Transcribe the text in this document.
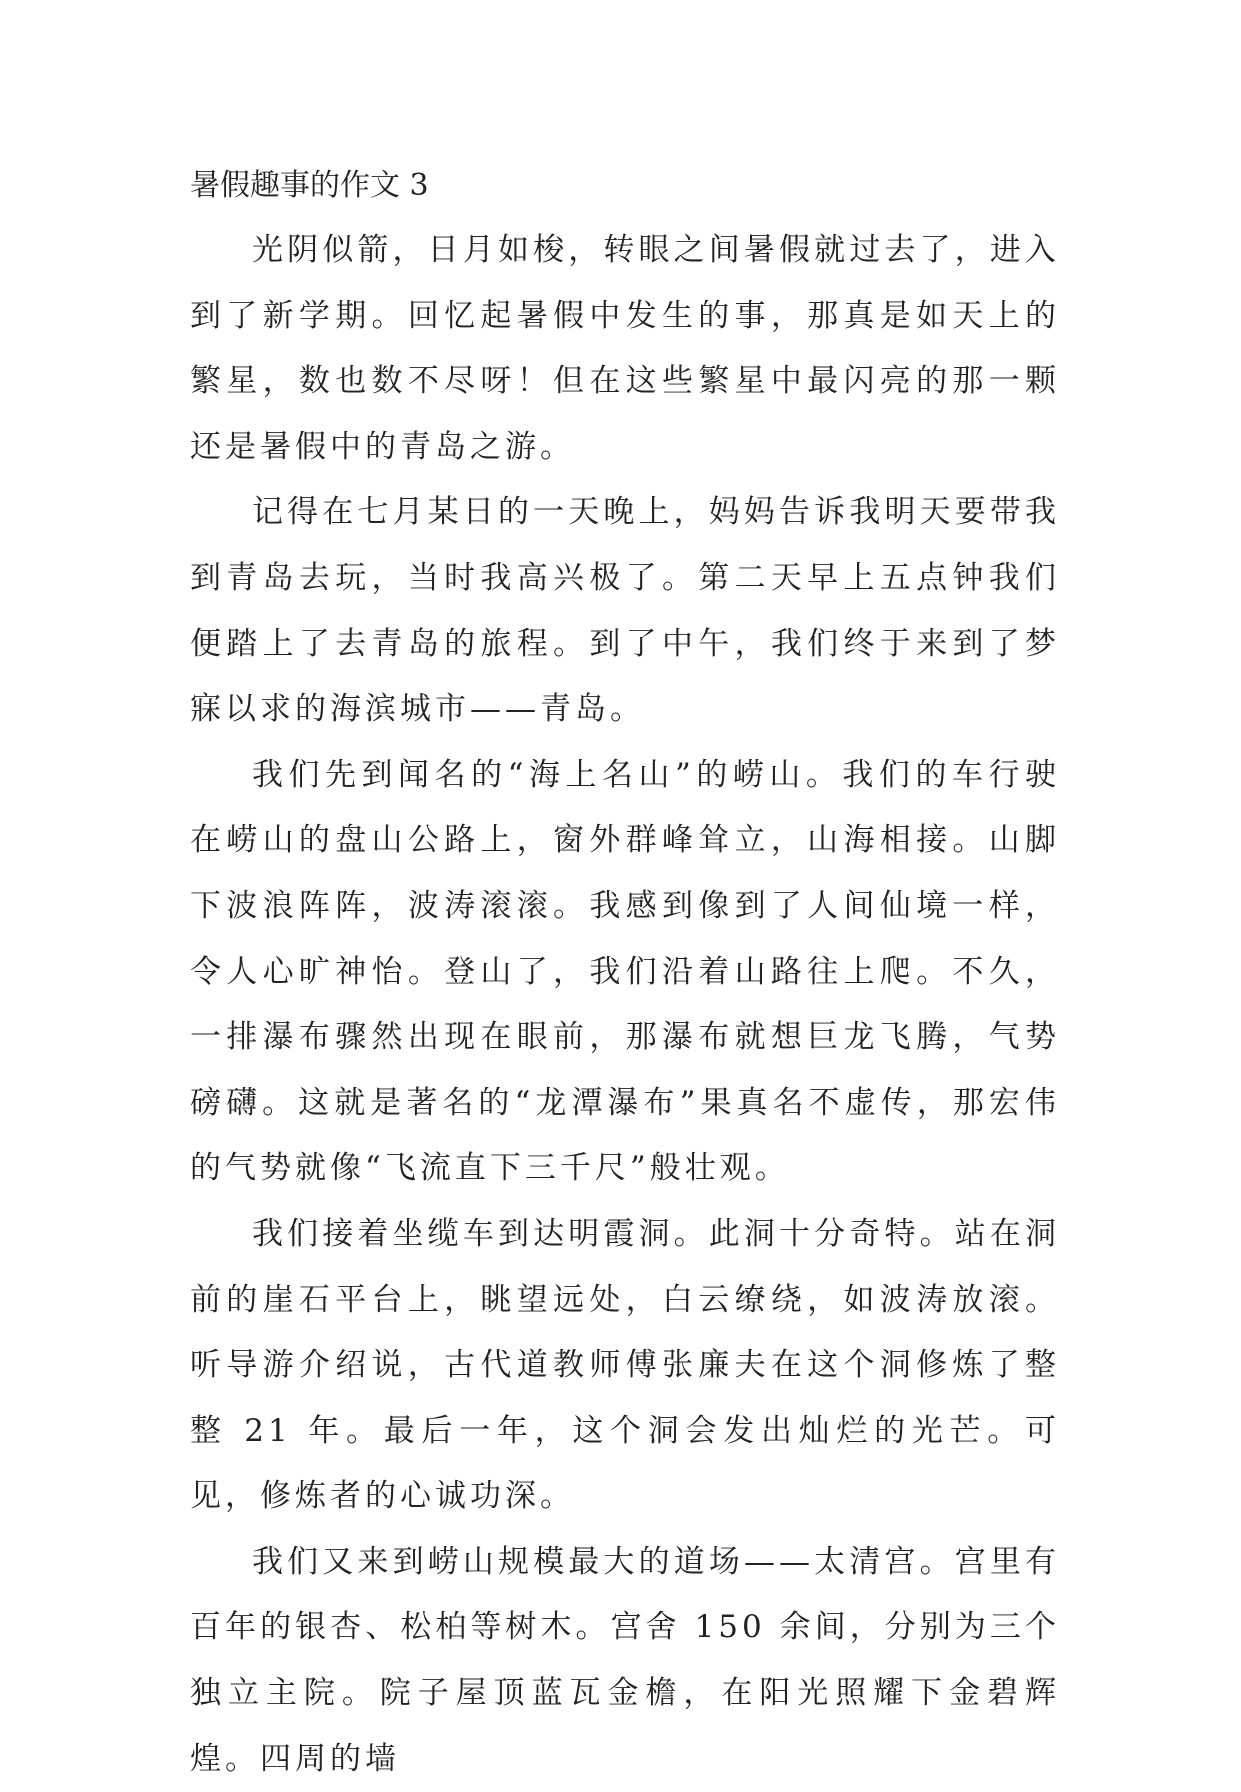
暑假趣事的作文 3

光阴似箭，日月如梭，转眼之间暑假就过去了，进入到了新学期。回忆起暑假中发生的事，那真是如天上的繁星，数也数不尽呀！但在这些繁星中最闪亮的那一颗还是暑假中的青岛之游。

记得在七月某日的一天晚上，妈妈告诉我明天要带我到青岛去玩，当时我高兴极了。第二天早上五点钟我们便踏上了去青岛的旅程。到了中午，我们终于来到了梦寐以求的海滨城市——青岛。

我们先到闻名的“海上名山”的崂山。我们的车行驶在崂山的盘山公路上，窗外群峰耸立，山海相接。山脚下波浪阵阵，波涛滚滚。我感到像到了人间仙境一样，令人心旷神怡。登山了，我们沿着山路往上爬。不久，一排瀑布骤然出现在眼前，那瀑布就想巨龙飞腾，气势磅礴。这就是著名的“龙潭瀑布”果真名不虚传，那宏伟的气势就像“飞流直下三千尺”般壮观。

我们接着坐缆车到达明霞洞。此洞十分奇特。站在洞前的崖石平台上，眺望远处，白云缭绕，如波涛放滚。听导游介绍说，古代道教师傅张廉夫在这个洞修炼了整整 21 年。最后一年，这个洞会发出灿烂的光芒。可见，修炼者的心诚功深。

我们又来到崂山规模最大的道场——太清宫。宫里有百年的银杏、松柏等树木。宫舍 150 余间，分别为三个独立主院。院子屋顶蓝瓦金檐，在阳光照耀下金碧辉煌。四周的墙
